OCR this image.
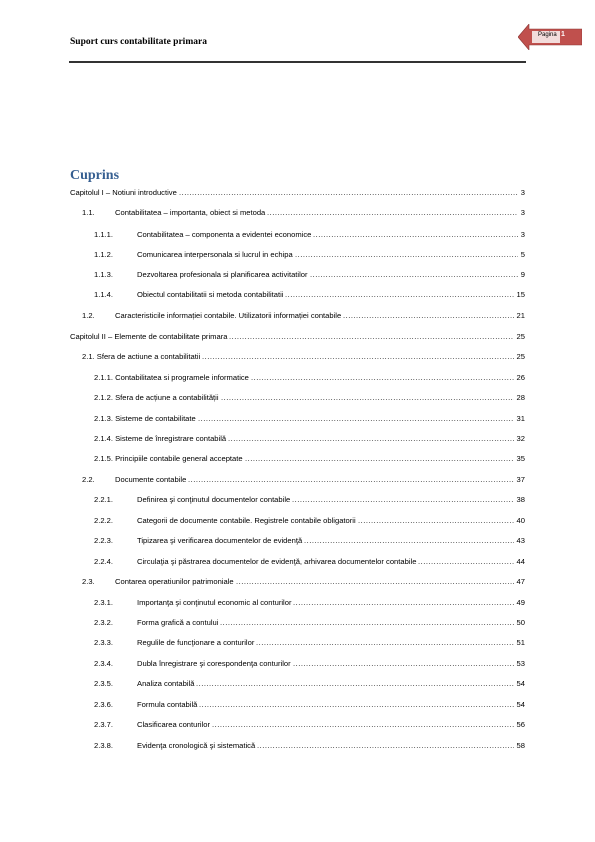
Suport curs contabilitate primara
Pagina 1
Cuprins
Capitolul I – Notiuni introductive .....	3
1.1.	Contabilitatea – importanta, obiect si metoda .....	3
1.1.1.	Contabilitatea – componenta a evidentei economice .....	3
1.1.2.	Comunicarea interpersonala si lucrul in echipa .....	5
1.1.3.	Dezvoltarea profesionala si planificarea activitatilor .....	9
1.1.4.	Obiectul contabilitatii si metoda contabilitatii .....	15
1.2.	Caracteristicile informației contabile. Utilizatorii informației contabile .....	21
Capitolul II – Elemente de contabilitate primara .....	25
2.1. Sfera de actiune a contabilitatii .....	25
2.1.1. Contabilitatea si programele informatice .....	26
2.1.2. Sfera de acțiune a contabilității .....	28
2.1.3. Sisteme de contabilitate .....	31
2.1.4. Sisteme de înregistrare contabilă .....	32
2.1.5. Principiile contabile general acceptate .....	35
2.2.	Documente contabile .....	37
2.2.1.	Definirea şi conţinutul documentelor contabile .....	38
2.2.2.	Categorii de documente contabile. Registrele contabile obligatorii .....	40
2.2.3.	Tipizarea şi verificarea documentelor de evidenţă .....	43
2.2.4.	Circulaţia şi păstrarea documentelor de evidenţă, arhivarea documentelor contabile .....	44
2.3.	Contarea operatiunilor patrimoniale .....	47
2.3.1.	Importanţa şi conţinutul economic al conturilor .....	49
2.3.2.	Forma grafică a contului .....	50
2.3.3.	Regulile de funcţionare a conturilor .....	51
2.3.4.	Dubla înregistrare şi corespondenţa conturilor .....	53
2.3.5.	Analiza contabilă .....	54
2.3.6.	Formula contabilă .....	54
2.3.7.	Clasificarea conturilor .....	56
2.3.8.	Evidenţa cronologică şi sistematică .....	58
